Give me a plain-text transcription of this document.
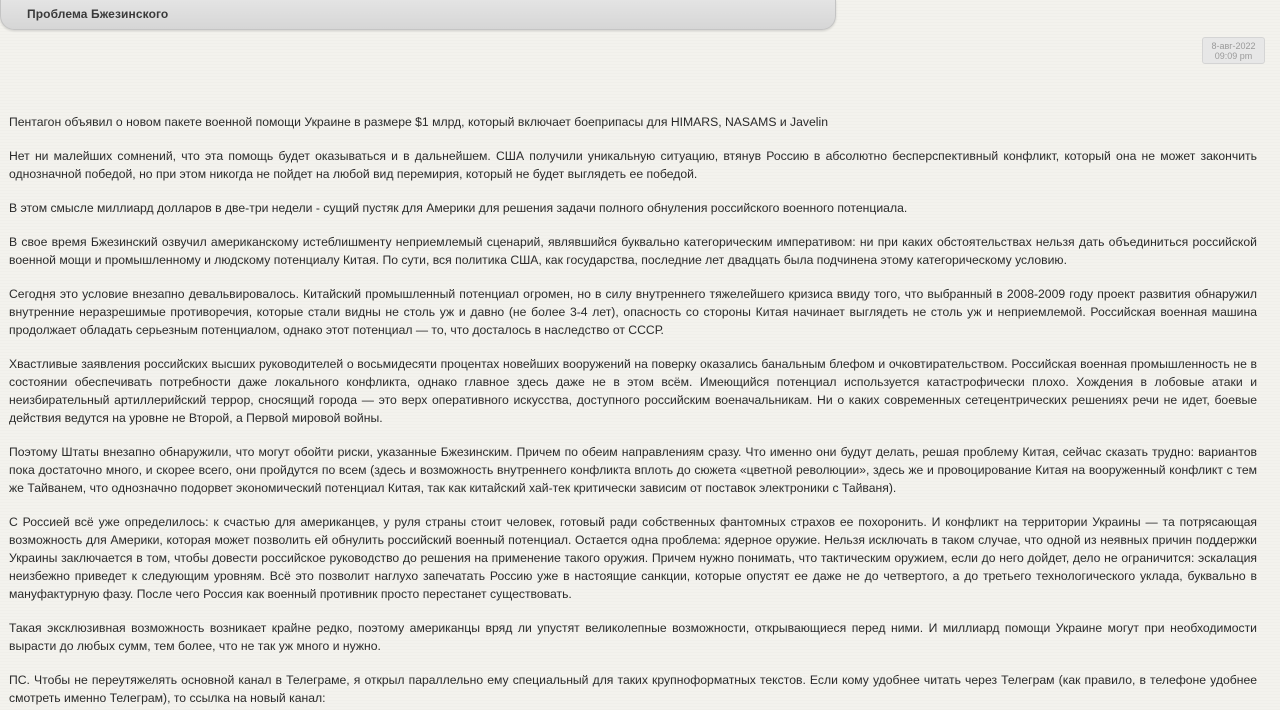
Проблема Бжезинского
8-авг-2022
09:09 pm

Пентагон объявил о новом пакете военной помощи Украине в размере $1 млрд, который включает боеприпасы для HIMARS, NASAMS и Javelin

Нет ни малейших сомнений, что эта помощь будет оказываться и в дальнейшем. США получили уникальную ситуацию, втянув Россию в абсолютно бесперспективный конфликт, который она не может закончить однозначной победой, но при этом никогда не пойдет на любой вид перемирия, который не будет выглядеть ее победой.

В этом смысле миллиард долларов в две-три недели - сущий пустяк для Америки для решения задачи полного обнуления российского военного потенциала.

В свое время Бжезинский озвучил американскому истеблишменту неприемлемый сценарий, являвшийся буквально категорическим императивом: ни при каких обстоятельствах нельзя дать объединиться российской военной мощи и промышленному и людскому потенциалу Китая. По сути, вся политика США, как государства, последние лет двадцать была подчинена этому категорическому условию.

Сегодня это условие внезапно девальвировалось. Китайский промышленный потенциал огромен, но в силу внутреннего тяжелейшего кризиса ввиду того, что выбранный в 2008-2009 году проект развития обнаружил внутренние неразрешимые противоречия, которые стали видны не столь уж и давно (не более 3-4 лет), опасность со стороны Китая начинает выглядеть не столь уж и неприемлемой. Российская военная машина продолжает обладать серьезным потенциалом, однако этот потенциал — то, что досталось в наследство от СССР.

Хвастливые заявления российских высших руководителей о восьмидесяти процентах новейших вооружений на поверку оказались банальным блефом и очковтирательством. Российская военная промышленность не в состоянии обеспечивать потребности даже локального конфликта, однако главное здесь даже не в этом всём. Имеющийся потенциал используется катастрофически плохо. Хождения в лобовые атаки и неизбирательный артиллерийский террор, сносящий города — это верх оперативного искусства, доступного российским военачальникам. Ни о каких современных сетецентрических решениях речи не идет, боевые действия ведутся на уровне не Второй, а Первой мировой войны.

Поэтому Штаты внезапно обнаружили, что могут обойти риски, указанные Бжезинским. Причем по обеим направлениям сразу. Что именно они будут делать, решая проблему Китая, сейчас сказать трудно: вариантов пока достаточно много, и скорее всего, они пройдутся по всем (здесь и возможность внутреннего конфликта вплоть до сюжета «цветной революции», здесь же и провоцирование Китая на вооруженный конфликт с тем же Тайванем, что однозначно подорвет экономический потенциал Китая, так как китайский хай-тек критически зависим от поставок электроники с Тайваня).

С Россией всё уже определилось: к счастью для американцев, у руля страны стоит человек, готовый ради собственных фантомных страхов ее похоронить. И конфликт на территории Украины — та потрясающая возможность для Америки, которая может позволить ей обнулить российский военный потенциал. Остается одна проблема: ядерное оружие. Нельзя исключать в таком случае, что одной из неявных причин поддержки Украины заключается в том, чтобы довести российское руководство до решения на применение такого оружия. Причем нужно понимать, что тактическим оружием, если до него дойдет, дело не ограничится: эскалация неизбежно приведет к следующим уровням. Всё это позволит наглухо запечатать Россию уже в настоящие санкции, которые опустят ее даже не до четвертого, а до третьего технологического уклада, буквально в мануфактурную фазу. После чего Россия как военный противник просто перестанет существовать.

Такая эксклюзивная возможность возникает крайне редко, поэтому американцы вряд ли упустят великолепные возможности, открывающиеся перед ними. И миллиард помощи Украине могут при необходимости вырасти до любых сумм, тем более, что не так уж много и нужно.

ПС. Чтобы не переутяжелять основной канал в Телеграме, я открыл параллельно ему специальный для таких крупноформатных текстов. Если кому удобнее читать через Телеграм (как правило, в телефоне удобнее смотреть именно Телеграм), то ссылка на новый канал:
